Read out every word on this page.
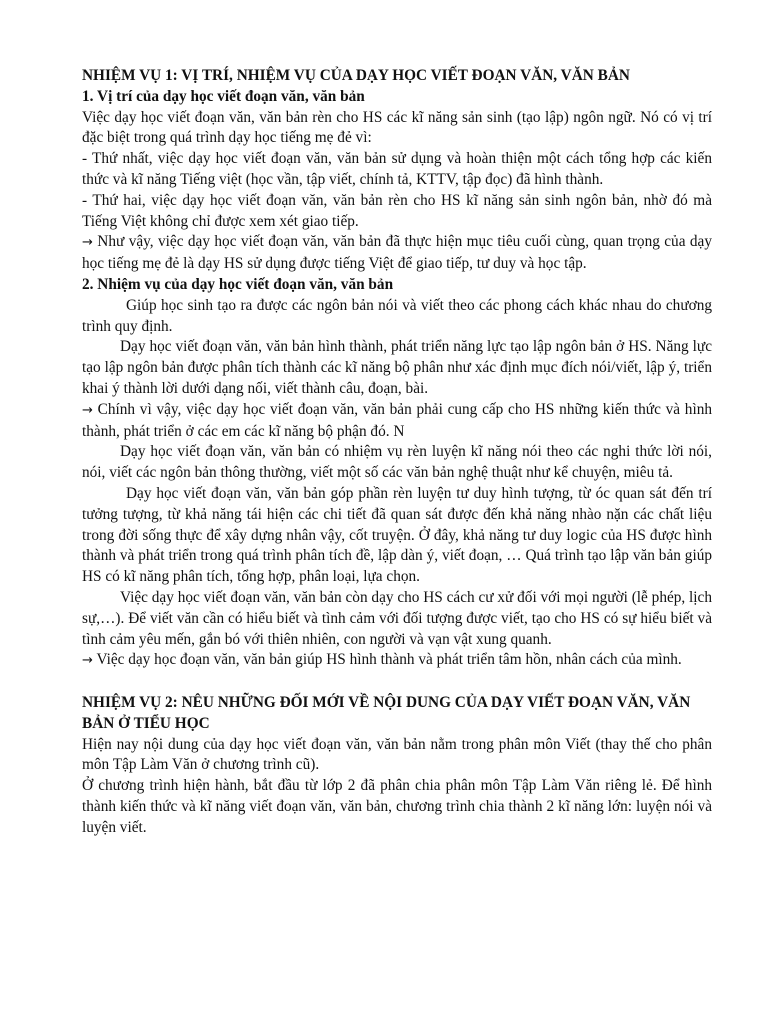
NHIỆM VỤ 1: VỊ TRÍ, NHIỆM VỤ CỦA DẠY HỌC VIẾT ĐOẠN VĂN, VĂN BẢN

1. Vị trí của dạy học viết đoạn văn, văn bản

Việc dạy học viết đoạn văn, văn bản rèn cho HS các kĩ năng sản sinh (tạo lập) ngôn ngữ. Nó có vị trí đặc biệt trong quá trình dạy học tiếng mẹ đẻ vì:

- Thứ nhất, việc dạy học viết đoạn văn, văn bản sử dụng và hoàn thiện một cách tổng hợp các kiến thức và kĩ năng Tiếng việt (học vần, tập viết, chính tả, KTTV, tập đọc) đã hình thành.

- Thứ hai, việc dạy học viết đoạn văn, văn bản rèn cho HS kĩ năng sản sinh ngôn bản, nhờ đó mà Tiếng Việt không chỉ được xem xét giao tiếp.

→ Như vậy, việc dạy học viết đoạn văn, văn bản đã thực hiện mục tiêu cuối cùng, quan trọng của dạy học tiếng mẹ đẻ là dạy HS sử dụng được tiếng Việt để giao tiếp, tư duy và học tập.

2. Nhiệm vụ của dạy học viết đoạn văn, văn bản

Giúp học sinh tạo ra được các ngôn bản nói và viết theo các phong cách khác nhau do chương trình quy định.

Dạy học viết đoạn văn, văn bản hình thành, phát triển năng lực tạo lập ngôn bản ở HS. Năng lực tạo lập ngôn bản được phân tích thành các kĩ năng bộ phân như xác định mục đích nói/viết, lập ý, triển khai ý thành lời dưới dạng nối, viết thành câu, đoạn, bài.

→ Chính vì vậy, việc dạy học viết đoạn văn, văn bản phải cung cấp cho HS những kiến thức và hình thành, phát triển ở các em các kĩ năng bộ phận đó. N

Dạy học viết đoạn văn, văn bản có nhiệm vụ rèn luyện kĩ năng nói theo các nghi thức lời nói, nói, viết các ngôn bản thông thường, viết một số các văn bản nghệ thuật như kể chuyện, miêu tả.

Dạy học viết đoạn văn, văn bản góp phần rèn luyện tư duy hình tượng, từ óc quan sát đến trí tưởng tượng, từ khả năng tái hiện các chi tiết đã quan sát được đến khả năng nhào nặn các chất liệu trong đời sống thực để xây dựng nhân vậy, cốt truyện. Ở đây, khả năng tư duy logic của HS được hình thành và phát triển trong quá trình phân tích đề, lập dàn ý, viết đoạn, … Quá trình tạo lập văn bản giúp HS có kĩ năng phân tích, tổng hợp, phân loại, lựa chọn.

Việc dạy học viết đoạn văn, văn bản còn dạy cho HS cách cư xử đối với mọi người (lễ phép, lịch sự,…). Để viết văn cần có hiểu biết và tình cảm với đối tượng được viết, tạo cho HS có sự hiểu biết và tình cảm yêu mến, gắn bó với thiên nhiên, con người và vạn vật xung quanh.

→ Việc dạy học đoạn văn, văn bản giúp HS hình thành và phát triển tâm hồn, nhân cách của mình.

NHIỆM VỤ 2: NÊU NHỮNG ĐỐI MỚI VỀ NỘI DUNG CỦA DẠY VIẾT ĐOẠN VĂN, VĂN BẢN Ở TIỂU HỌC

Hiện nay nội dung của dạy học viết đoạn văn, văn bản nằm trong phân môn Viết (thay thế cho phân môn Tập Làm Văn ở chương trình cũ).

Ở chương trình hiện hành, bắt đầu từ lớp 2 đã phân chia phân môn Tập Làm Văn riêng lẻ. Để hình thành kiến thức và kĩ năng viết đoạn văn, văn bản, chương trình chia thành 2 kĩ năng lớn: luyện nói và luyện viết.
